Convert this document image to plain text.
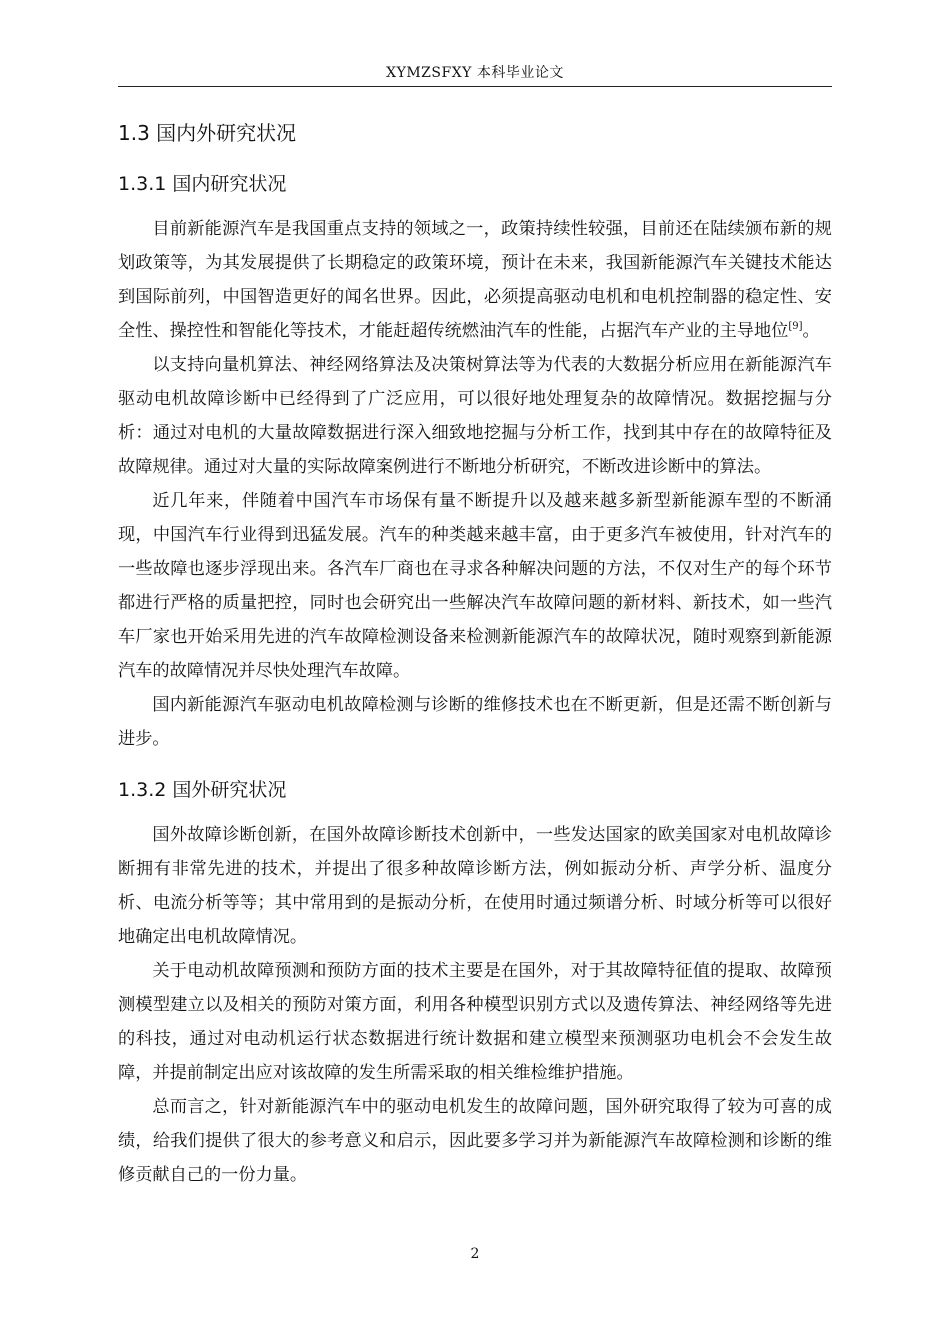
XYMZSFXY 本科毕业论文
1.3 国内外研究状况
1.3.1 国内研究状况

目前新能源汽车是我国重点支持的领域之一，政策持续性较强，目前还在陆续颁布新的规划政策等，为其发展提供了长期稳定的政策环境，预计在未来，我国新能源汽车关键技术能达到国际前列，中国智造更好的闻名世界。因此，必须提高驱动电机和电机控制器的稳定性、安全性、操控性和智能化等技术，才能赶超传统燃油汽车的性能，占据汽车产业的主导地位[9]。

以支持向量机算法、神经网络算法及决策树算法等为代表的大数据分析应用在新能源汽车驱动电机故障诊断中已经得到了广泛应用，可以很好地处理复杂的故障情况。数据挖掘与分析：通过对电机的大量故障数据进行深入细致地挖掘与分析工作，找到其中存在的故障特征及故障规律。通过对大量的实际故障案例进行不断地分析研究，不断改进诊断中的算法。

近几年来，伴随着中国汽车市场保有量不断提升以及越来越多新型新能源车型的不断涌现，中国汽车行业得到迅猛发展。汽车的种类越来越丰富，由于更多汽车被使用，针对汽车的一些故障也逐步浮现出来。各汽车厂商也在寻求各种解决问题的方法，不仅对生产的每个环节都进行严格的质量把控，同时也会研究出一些解决汽车故障问题的新材料、新技术，如一些汽车厂家也开始采用先进的汽车故障检测设备来检测新能源汽车的故障状况，随时观察到新能源汽车的故障情况并尽快处理汽车故障。

国内新能源汽车驱动电机故障检测与诊断的维修技术也在不断更新，但是还需不断创新与进步。

1.3.2 国外研究状况

国外故障诊断创新，在国外故障诊断技术创新中，一些发达国家的欧美国家对电机故障诊断拥有非常先进的技术，并提出了很多种故障诊断方法，例如振动分析、声学分析、温度分析、电流分析等等；其中常用到的是振动分析，在使用时通过频谱分析、时域分析等可以很好地确定出电机故障情况。

关于电动机故障预测和预防方面的技术主要是在国外，对于其故障特征值的提取、故障预测模型建立以及相关的预防对策方面，利用各种模型识别方式以及遗传算法、神经网络等先进的科技，通过对电动机运行状态数据进行统计数据和建立模型来预测驱功电机会不会发生故障，并提前制定出应对该故障的发生所需采取的相关维检维护措施。

总而言之，针对新能源汽车中的驱动电机发生的故障问题，国外研究取得了较为可喜的成绩，给我们提供了很大的参考意义和启示，因此要多学习并为新能源汽车故障检测和诊断的维修贡献自己的一份力量。

2
